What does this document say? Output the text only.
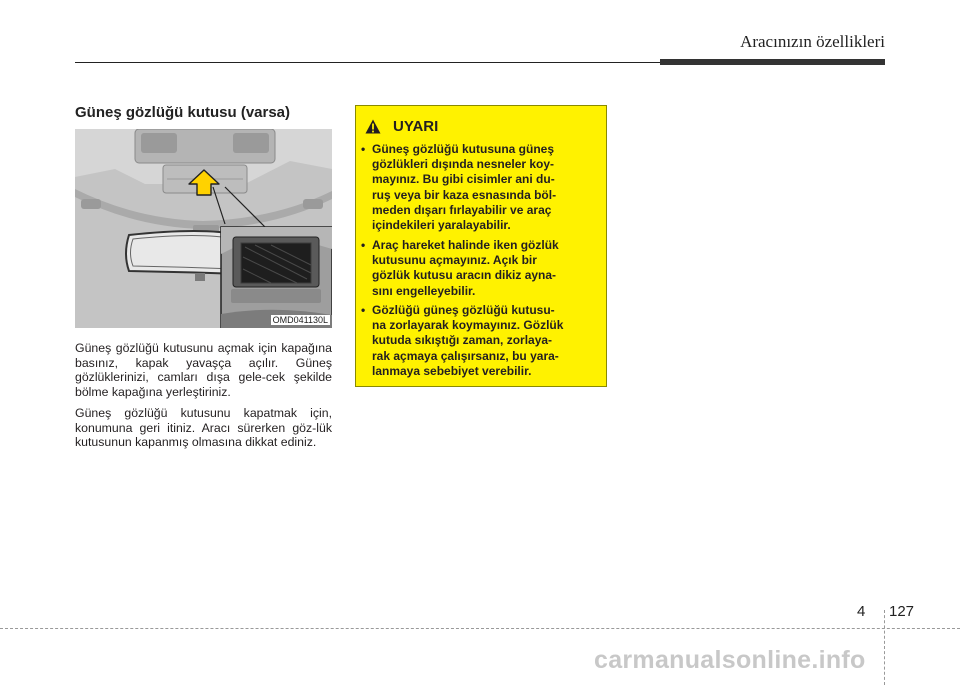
Aracınızın özellikleri
Güneş gözlüğü kutusu (varsa)
OMD041130L

Güneş gözlüğü kutusunu açmak için kapağına basınız, kapak yavaşça açılır. Güneş gözlüklerinizi, camları dışa gele-cek şekilde bölme kapağına yerleştiriniz.

Güneş gözlüğü kutusunu kapatmak için, konumuna geri itiniz. Aracı sürerken göz-lük kutusunun kapanmış olmasına dikkat ediniz.

UYARI
• Güneş gözlüğü kutusuna güneş
gözlükleri dışında nesneler koy-
mayınız. Bu gibi cisimler ani du-
ruş veya bir kaza esnasında böl-
meden dışarı fırlayabilir ve araç
içindekileri yaralayabilir.
• Araç hareket halinde iken gözlük
kutusunu açmayınız. Açık bir
gözlük kutusu aracın dikiz ayna-
sını engelleyebilir.
• Gözlüğü güneş gözlüğü kutusu-
na zorlayarak koymayınız. Gözlük
kutuda sıkıştığı zaman, zorlaya-
rak açmaya çalışırsanız, bu yara-
lanmaya sebebiyet verebilir.
4 127
carmanualsonline.info
